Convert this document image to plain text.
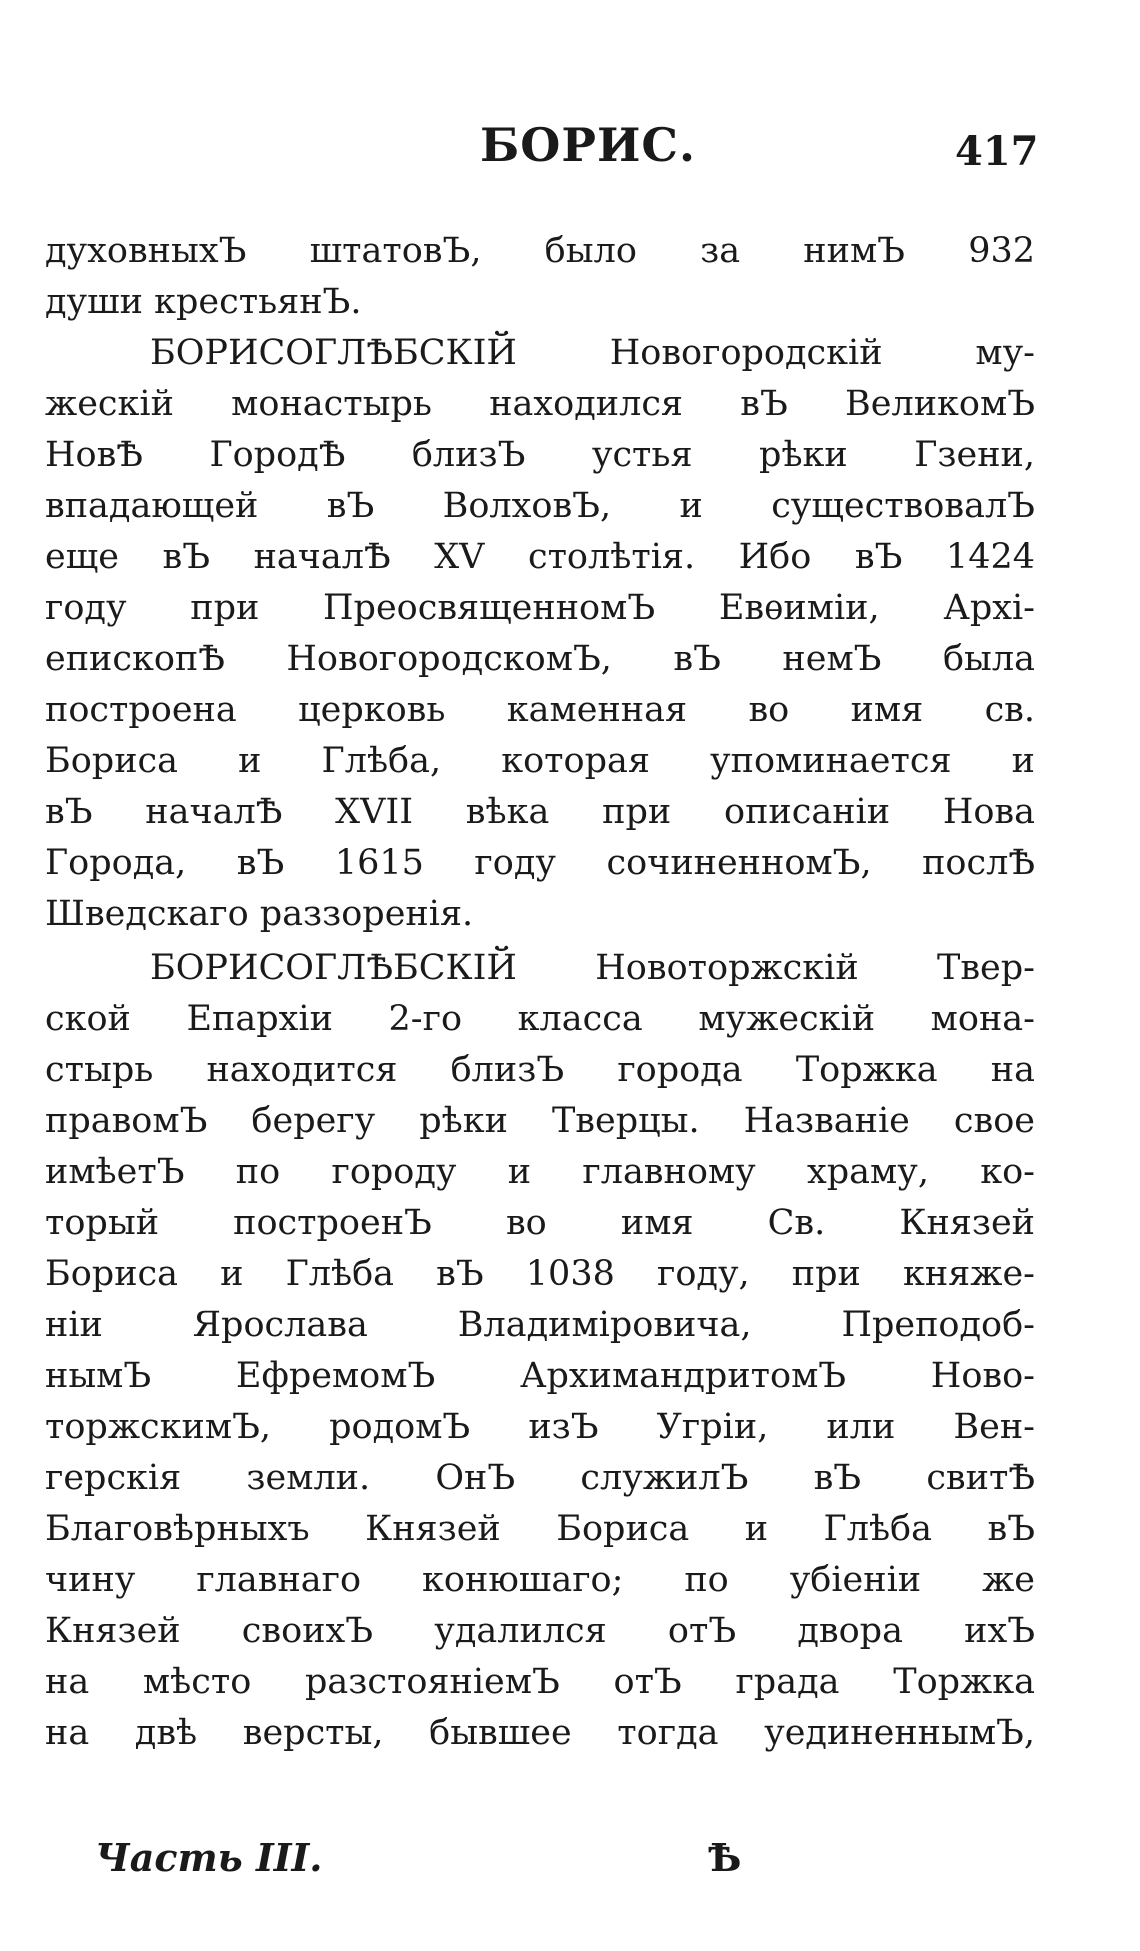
БОРИС.	417
духовныхЪ штатовЪ, было за нимЪ 932
души крестьянЪ.
БОРИСОГЛѢБСКІЙ Новогородскій му-
жескій монастырь находился вЪ ВеликомЪ
НовѢ ГородѢ близЪ устья рѣки Гзени,
впадающей вЪ ВолховЪ, и существовалЪ
еще вЪ началѢ XV столѣтія. Ибо вЪ 1424
году при ПреосвященномЪ Евѳиміи, Архі-
епископѢ НовогородскомЪ, вЪ немЪ была
построена церковь каменная во имя св.
Бориса и Глѣба, которая упоминается и
вЪ началѢ XVII вѣка при описаніи Нова
Города, вЪ 1615 году сочиненномЪ, послѢ
Шведскаго раззоренія.
БОРИСОГЛѢБСКІЙ Новоторжскій Твер-
ской Епархіи 2-го класса мужескій мона-
стырь находится близЪ города Торжка на
правомЪ берегу рѣки Тверцы. Названіе свое
имѣетЪ по городу и главному храму, ко-
торый построенЪ во имя Св. Князей
Бориса и Глѣба вЪ 1038 году, при княже-
ніи Ярослава Владиміровича, Преподоб-
нымЪ ЕфремомЪ АрхимандритомЪ Ново-
торжскимЪ, родомЪ изЪ Угріи, или Вен-
герскія земли. ОнЪ служилЪ вЪ свитѢ
Благовѣрныхъ Князей Бориса и Глѣба вЪ
чину главнаго конюшаго; по убіеніи же
Князей своихЪ удалился отЪ двора ихЪ
на мѣсто разстояніемЪ отЪ града Торжка
на двѣ версты, бывшее тогда уединеннымЪ,
Часть III.	Ѣ
